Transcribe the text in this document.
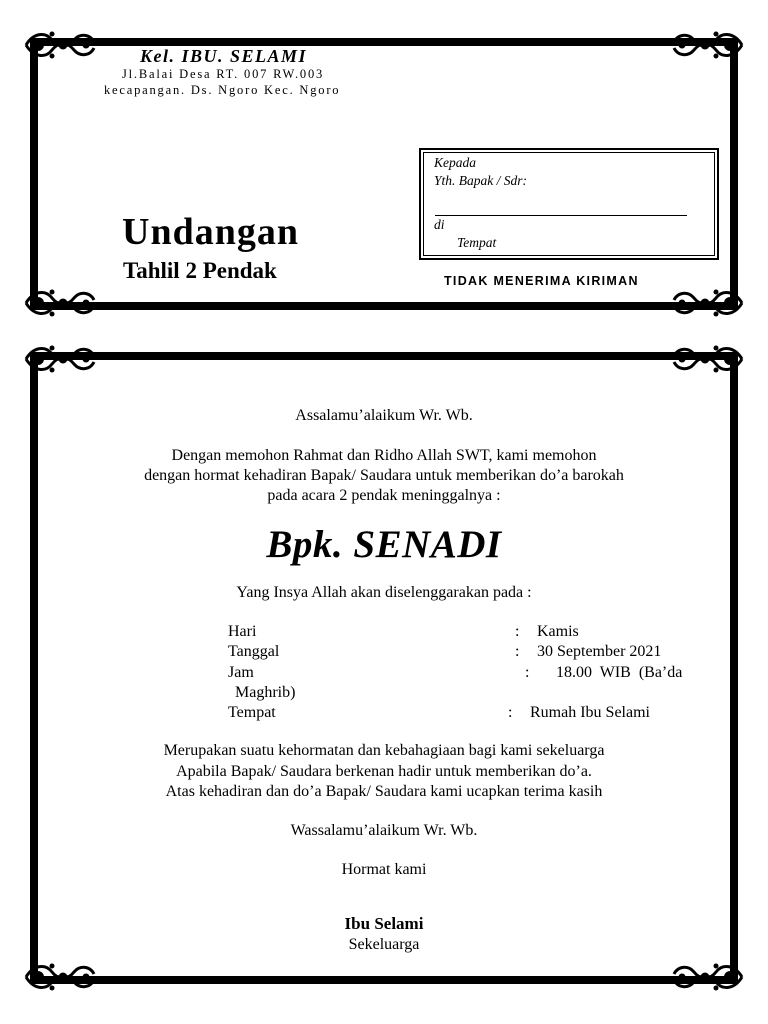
Kel. IBU. SELAMI
Jl.Balai Desa RT. 007 RW.003
kecapangan. Ds. Ngoro Kec. Ngoro
Undangan
Tahlil 2 Pendak
Kepada
Yth. Bapak / Sdr:
di
Tempat
TIDAK MENERIMA KIRIMAN
Assalamu’alaikum Wr. Wb.
Dengan memohon Rahmat dan Ridho Allah SWT, kami memohon
dengan hormat kehadiran Bapak/ Saudara untuk memberikan do’a barokah
pada acara 2 pendak meninggalnya :
Bpk. SENADI
Yang Insya Allah akan diselenggarakan pada :
Hari	: Kamis
Tanggal	: 30 September 2021
Jam	: 18.00  WIB  (Ba’da
Maghrib)
Tempat	: Rumah Ibu Selami
Merupakan suatu kehormatan dan kebahagiaan bagi kami sekeluarga
Apabila Bapak/ Saudara berkenan hadir untuk memberikan do’a.
Atas kehadiran dan do’a Bapak/ Saudara kami ucapkan terima kasih
Wassalamu’alaikum Wr. Wb.
Hormat kami
Ibu Selami
Sekeluarga
